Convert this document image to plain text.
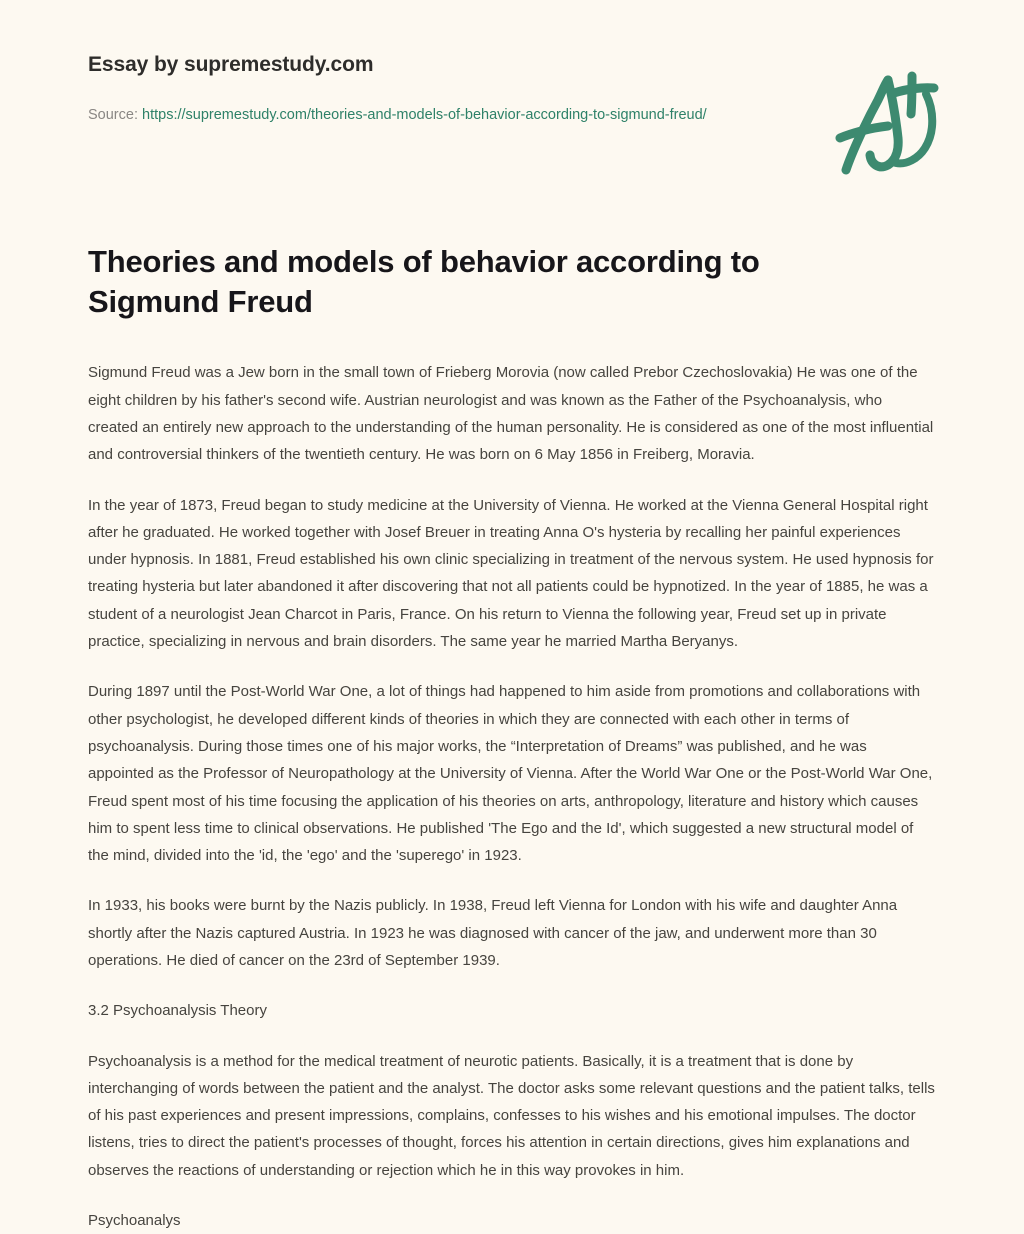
Essay by supremestudy.com

Source: https://supremestudy.com/theories-and-models-of-behavior-according-to-sigmund-freud/

Theories and models of behavior according to Sigmund Freud

Sigmund Freud was a Jew born in the small town of Frieberg Morovia (now called Prebor Czechoslovakia) He was one of the eight children by his father's second wife. Austrian neurologist and was known as the Father of the Psychoanalysis, who created an entirely new approach to the understanding of the human personality. He is considered as one of the most influential and controversial thinkers of the twentieth century. He was born on 6 May 1856 in Freiberg, Moravia.

In the year of 1873, Freud began to study medicine at the University of Vienna. He worked at the Vienna General Hospital right after he graduated. He worked together with Josef Breuer in treating Anna O's hysteria by recalling her painful experiences under hypnosis. In 1881, Freud established his own clinic specializing in treatment of the nervous system. He used hypnosis for treating hysteria but later abandoned it after discovering that not all patients could be hypnotized. In the year of 1885, he was a student of a neurologist Jean Charcot in Paris, France. On his return to Vienna the following year, Freud set up in private practice, specializing in nervous and brain disorders. The same year he married Martha Beryanys.

During 1897 until the Post-World War One, a lot of things had happened to him aside from promotions and collaborations with other psychologist, he developed different kinds of theories in which they are connected with each other in terms of psychoanalysis. During those times one of his major works, the “Interpretation of Dreams” was published, and he was appointed as the Professor of Neuropathology at the University of Vienna. After the World War One or the Post-World War One, Freud spent most of his time focusing the application of his theories on arts, anthropology, literature and history which causes him to spent less time to clinical observations. He published 'The Ego and the Id', which suggested a new structural model of the mind, divided into the 'id, the 'ego' and the 'superego' in 1923.

In 1933, his books were burnt by the Nazis publicly. In 1938, Freud left Vienna for London with his wife and daughter Anna shortly after the Nazis captured Austria. In 1923 he was diagnosed with cancer of the jaw, and underwent more than 30 operations. He died of cancer on the 23rd of September 1939.

3.2 Psychoanalysis Theory

Psychoanalysis is a method for the medical treatment of neurotic patients. Basically, it is a treatment that is done by interchanging of words between the patient and the analyst. The doctor asks some relevant questions and the patient talks, tells of his past experiences and present impressions, complains, confesses to his wishes and his emotional impulses. The doctor listens, tries to direct the patient's processes of thought, forces his attention in certain directions, gives him explanations and observes the reactions of understanding or rejection which he in this way provokes in him.

Psychoanalys
